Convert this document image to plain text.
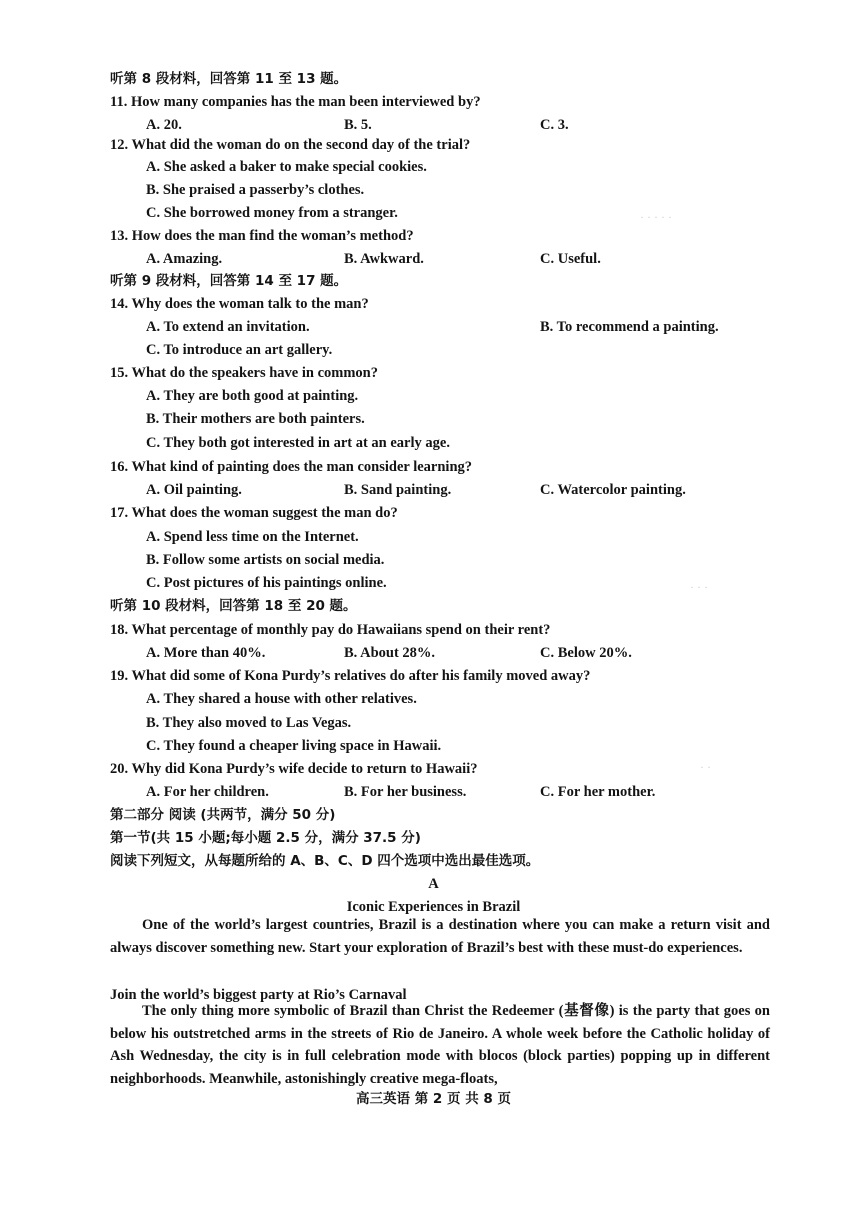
· · · · ·
· · ·
· ·
听第 8 段材料，回答第 11 至 13 题。
11. How many companies has the man been interviewed by?
A. 20.	B. 5.	C. 3.
12. What did the woman do on the second day of the trial?
A. She asked a baker to make special cookies.
B. She praised a passerby’s clothes.
C. She borrowed money from a stranger.
13. How does the man find the woman’s method?
A. Amazing.	B. Awkward.	C. Useful.
听第 9 段材料，回答第 14 至 17 题。
14. Why does the woman talk to the man?
A. To extend an invitation.	B. To recommend a painting.
C. To introduce an art gallery.
15. What do the speakers have in common?
A. They are both good at painting.
B. Their mothers are both painters.
C. They both got interested in art at an early age.
16. What kind of painting does the man consider learning?
A. Oil painting.	B. Sand painting.	C. Watercolor painting.
17. What does the woman suggest the man do?
A. Spend less time on the Internet.
B. Follow some artists on social media.
C. Post pictures of his paintings online.
听第 10 段材料，回答第 18 至 20 题。
18. What percentage of monthly pay do Hawaiians spend on their rent?
A. More than 40%.	B. About 28%.	C. Below 20%.
19. What did some of Kona Purdy’s relatives do after his family moved away?
A. They shared a house with other relatives.
B. They also moved to Las Vegas.
C. They found a cheaper living space in Hawaii.
20. Why did Kona Purdy’s wife decide to return to Hawaii?
A. For her children.	B. For her business.	C. For her mother.
第二部分 阅读 (共两节，满分 50 分)
第一节(共 15 小题;每小题 2.5 分，满分 37.5 分)
阅读下列短文，从每题所给的 A、B、C、D 四个选项中选出最佳选项。
A
Iconic Experiences in Brazil
One of the world’s largest countries, Brazil is a destination where you can make a return visit and always discover something new. Start your exploration of Brazil’s best with these must-do experiences.
Join the world’s biggest party at Rio’s Carnaval
The only thing more symbolic of Brazil than Christ the Redeemer (基督像) is the party that goes on below his outstretched arms in the streets of Rio de Janeiro. A whole week before the Catholic holiday of Ash Wednesday, the city is in full celebration mode with blocos (block parties) popping up in different neighborhoods. Meanwhile, astonishingly creative mega-floats,
高三英语 第 2 页 共 8 页
